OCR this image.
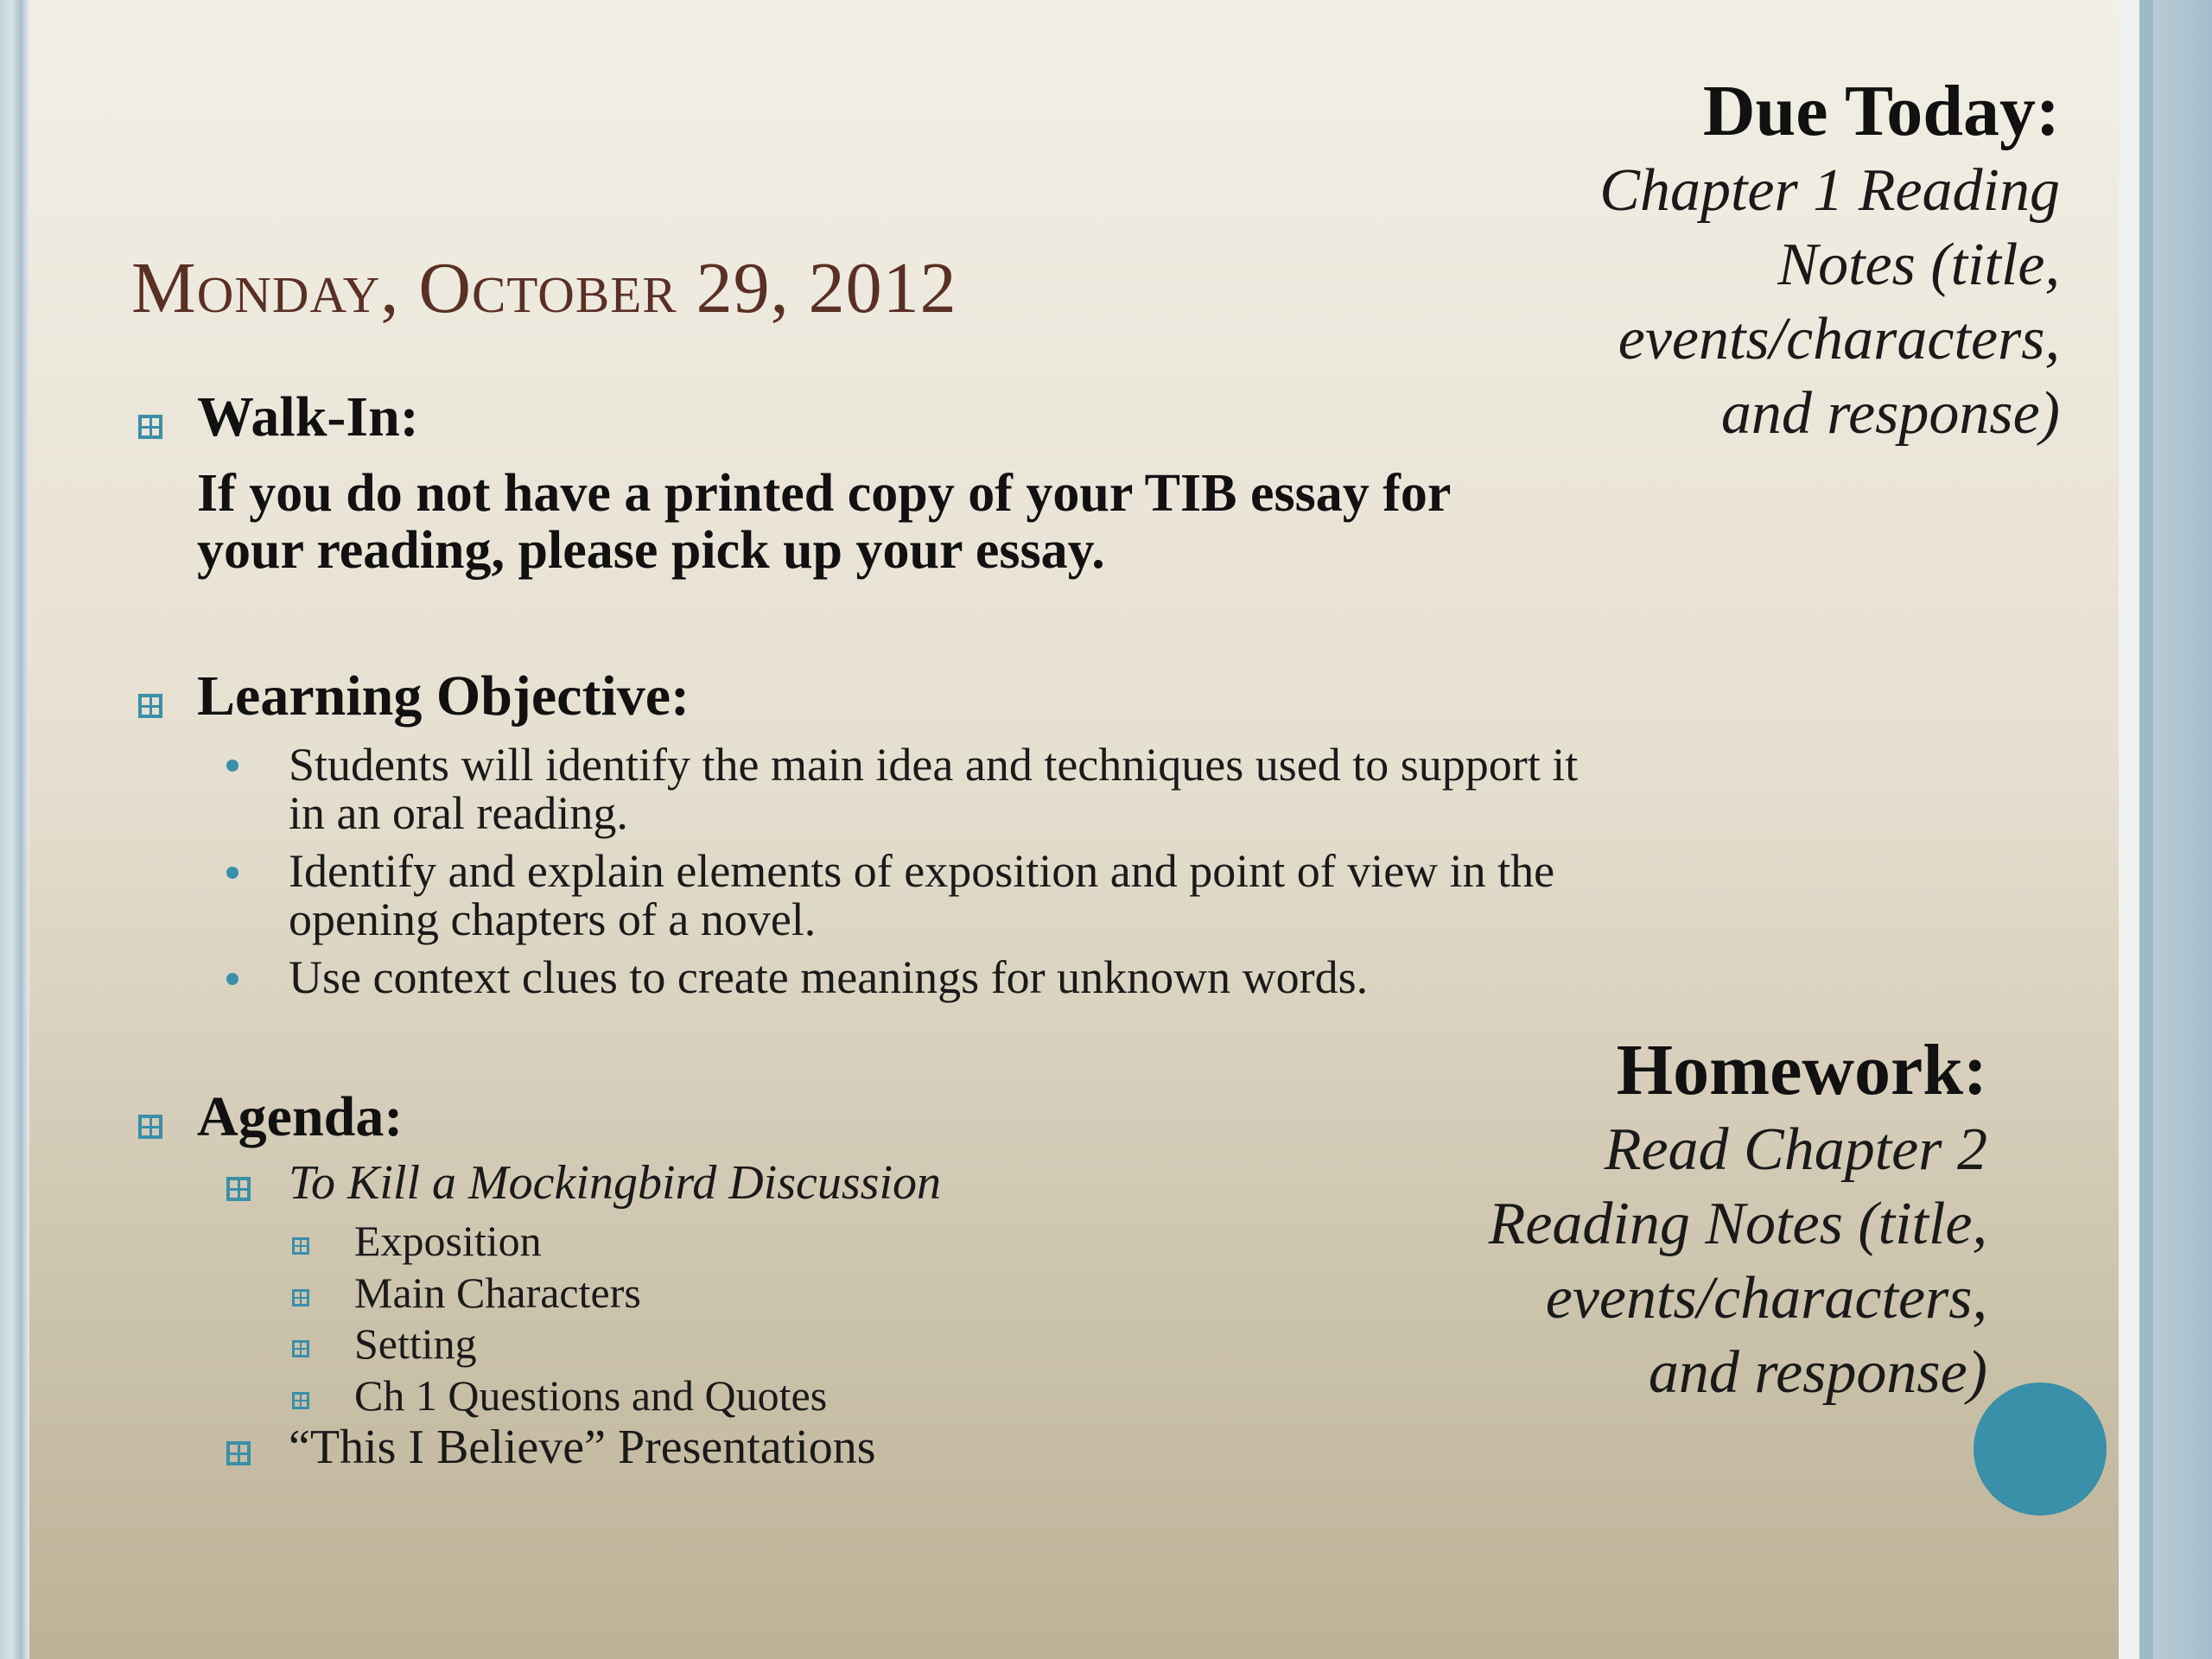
Due Today:
Chapter 1 Reading
Notes (title,
events/characters,
and response)
Monday, October 29, 2012
Walk-In:
If you do not have a printed copy of your TIB essay for
your reading, please pick up your essay.
Learning Objective:
Students will identify the main idea and techniques used to support it
in an oral reading.
Identify and explain elements of exposition and point of view in the
opening chapters of a novel.
Use context clues to create meanings for unknown words.
Agenda:
To Kill a Mockingbird Discussion
Exposition
Main Characters
Setting
Ch 1 Questions and Quotes
“This I Believe” Presentations
Homework:
Read Chapter 2
Reading Notes (title,
events/characters,
and response)
